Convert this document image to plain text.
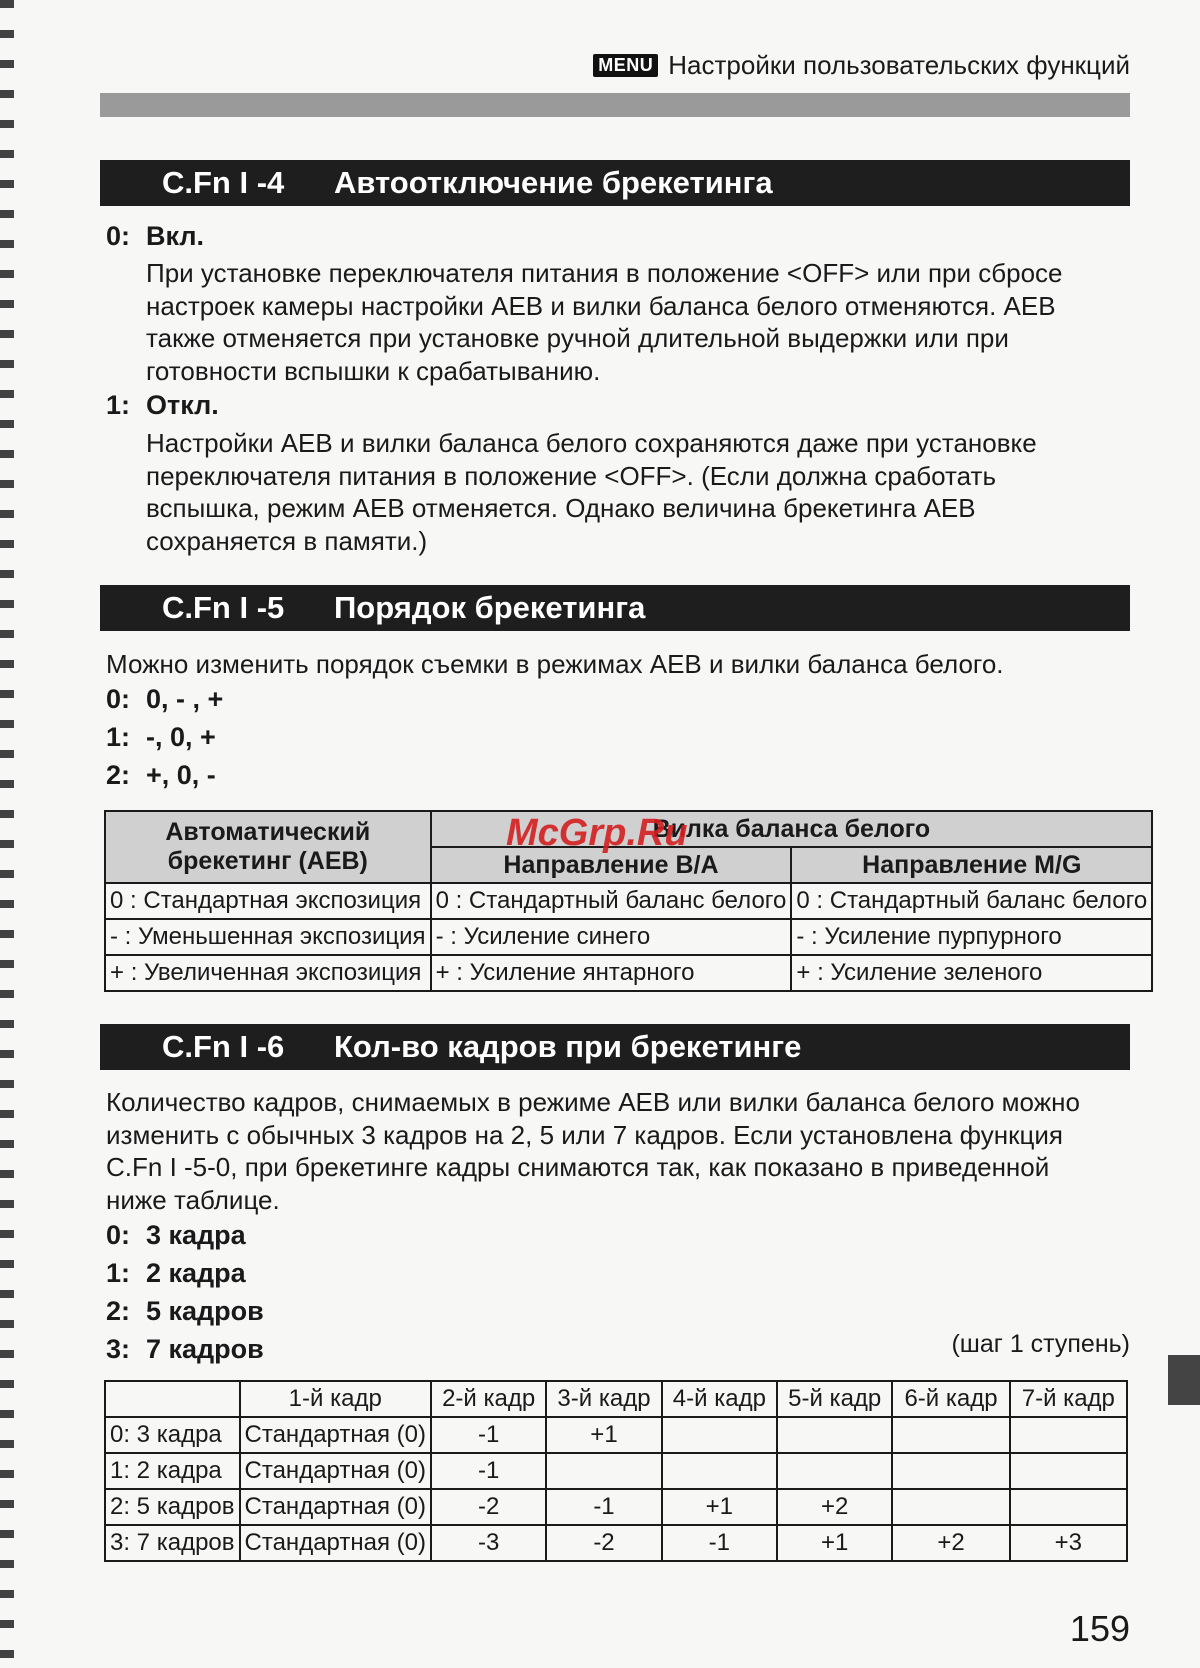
MENU Настройки пользовательских функций
C.Fn I -4	Автоотключение брекетинга
0: Вкл.
При установке переключателя питания в положение <OFF> или при сбросе настроек камеры настройки AEB и вилки баланса белого отменяются. AEB также отменяется при установке ручной длительной выдержки или при готовности вспышки к срабатыванию.
1: Откл.
Настройки AEB и вилки баланса белого сохраняются даже при установке переключателя питания в положение <OFF>. (Если должна сработать вспышка, режим AEB отменяется. Однако величина брекетинга AEB сохраняется в памяти.)
C.Fn I -5	Порядок брекетинга
Можно изменить порядок съемки в режимах AEB и вилки баланса белого.
0: 0, - , +
1: -, 0, +
2: +, 0, -
Автоматический брекетинг (AEB)	Вилка баланса белого	
	Направление B/A	Направление M/G
0 : Стандартная экспозиция	0 : Стандартный баланс белого	0 : Стандартный баланс белого
- : Уменьшенная экспозиция	- : Усиление синего	- : Усиление пурпурного
+ : Увеличенная экспозиция	+ : Усиление янтарного	+ : Усиление зеленого
McGrp.Ru
C.Fn I -6	Кол-во кадров при брекетинге
Количество кадров, снимаемых в режиме AEB или вилки баланса белого можно изменить с обычных 3 кадров на 2, 5 или 7 кадров. Если установлена функция C.Fn I -5-0, при брекетинге кадры снимаются так, как показано в приведенной ниже таблице.
0: 3 кадра
1: 2 кадра
2: 5 кадров
3: 7 кадров	(шаг 1 ступень)
	1-й кадр	2-й кадр	3-й кадр	4-й кадр	5-й кадр	6-й кадр	7-й кадр
0: 3 кадра	Стандартная (0)	-1	+1				
1: 2 кадра	Стандартная (0)	-1					
2: 5 кадров	Стандартная (0)	-2	-1	+1	+2		
3: 7 кадров	Стандартная (0)	-3	-2	-1	+1	+2	+3
159
